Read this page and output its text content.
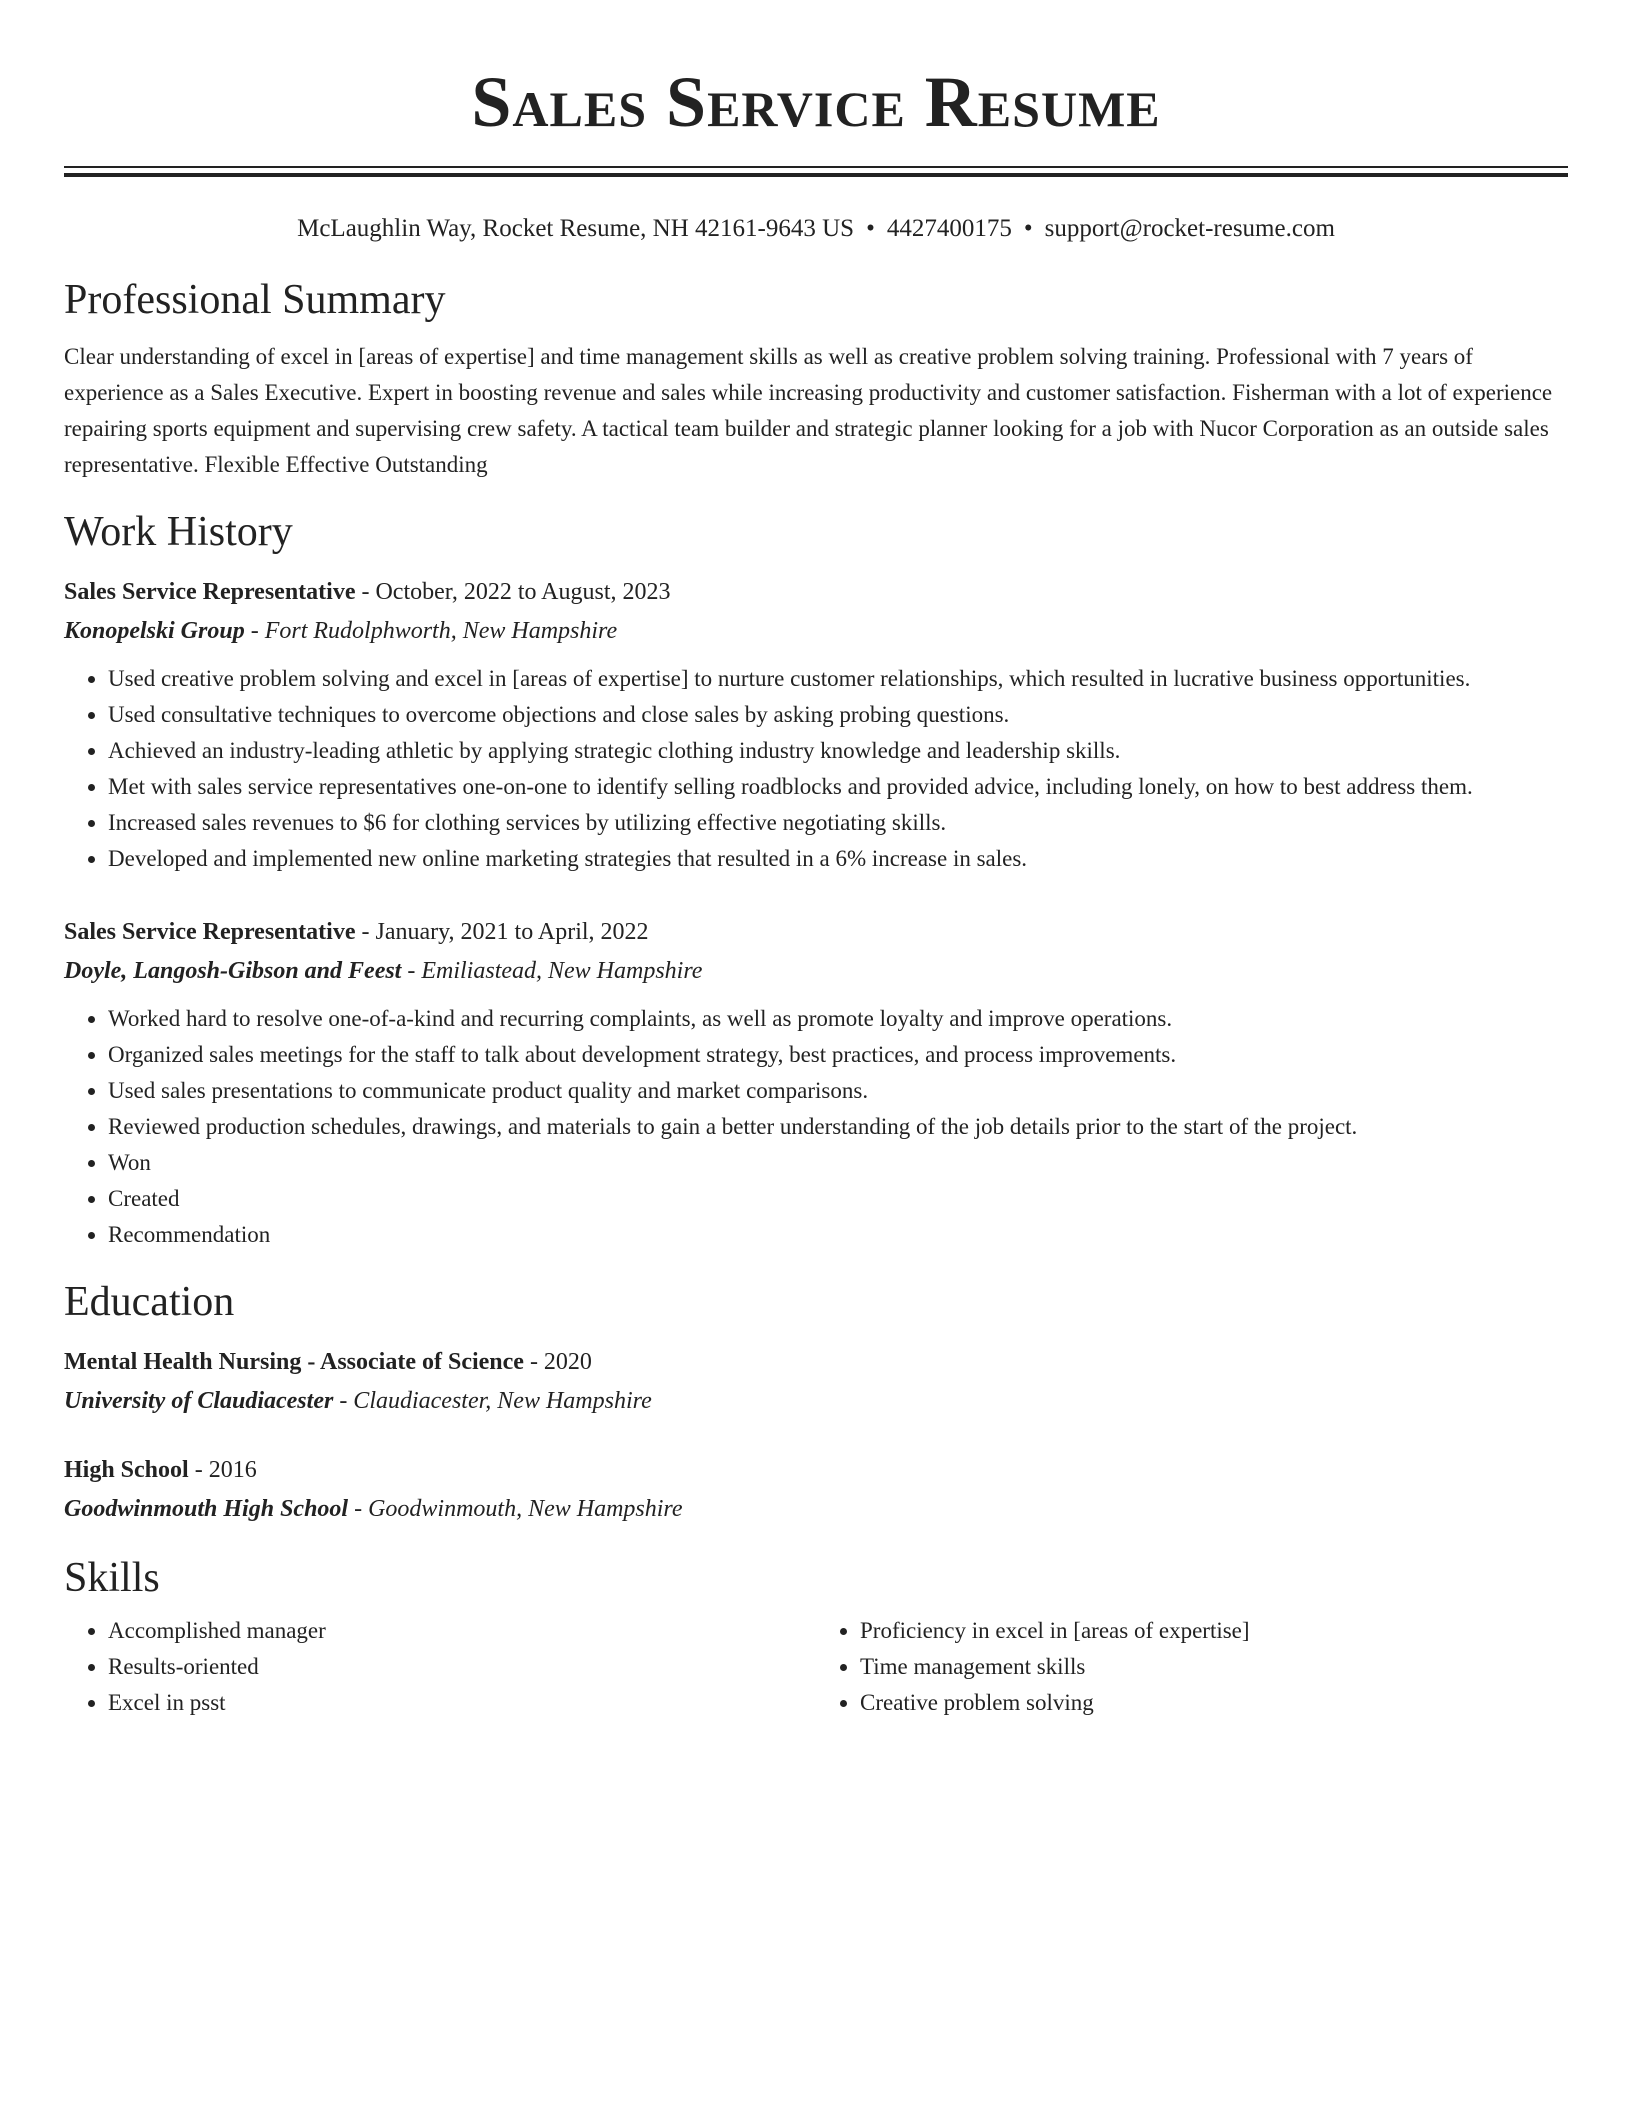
Sales Service Resume
McLaughlin Way, Rocket Resume, NH 42161-9643 US • 4427400175 • support@rocket-resume.com
Professional Summary
Clear understanding of excel in [areas of expertise] and time management skills as well as creative problem solving training. Professional with 7 years of experience as a Sales Executive. Expert in boosting revenue and sales while increasing productivity and customer satisfaction. Fisherman with a lot of experience repairing sports equipment and supervising crew safety. A tactical team builder and strategic planner looking for a job with Nucor Corporation as an outside sales representative. Flexible Effective Outstanding
Work History
Sales Service Representative - October, 2022 to August, 2023
Konopelski Group - Fort Rudolphworth, New Hampshire
• Used creative problem solving and excel in [areas of expertise] to nurture customer relationships, which resulted in lucrative business opportunities.
• Used consultative techniques to overcome objections and close sales by asking probing questions.
• Achieved an industry-leading athletic by applying strategic clothing industry knowledge and leadership skills.
• Met with sales service representatives one-on-one to identify selling roadblocks and provided advice, including lonely, on how to best address them.
• Increased sales revenues to $6 for clothing services by utilizing effective negotiating skills.
• Developed and implemented new online marketing strategies that resulted in a 6% increase in sales.
Sales Service Representative - January, 2021 to April, 2022
Doyle, Langosh-Gibson and Feest - Emiliastead, New Hampshire
• Worked hard to resolve one-of-a-kind and recurring complaints, as well as promote loyalty and improve operations.
• Organized sales meetings for the staff to talk about development strategy, best practices, and process improvements.
• Used sales presentations to communicate product quality and market comparisons.
• Reviewed production schedules, drawings, and materials to gain a better understanding of the job details prior to the start of the project.
• Won
• Created
• Recommendation
Education
Mental Health Nursing - Associate of Science - 2020
University of Claudiacester - Claudiacester, New Hampshire
High School - 2016
Goodwinmouth High School - Goodwinmouth, New Hampshire
Skills
• Accomplished manager
• Results-oriented
• Excel in psst
• Proficiency in excel in [areas of expertise]
• Time management skills
• Creative problem solving
